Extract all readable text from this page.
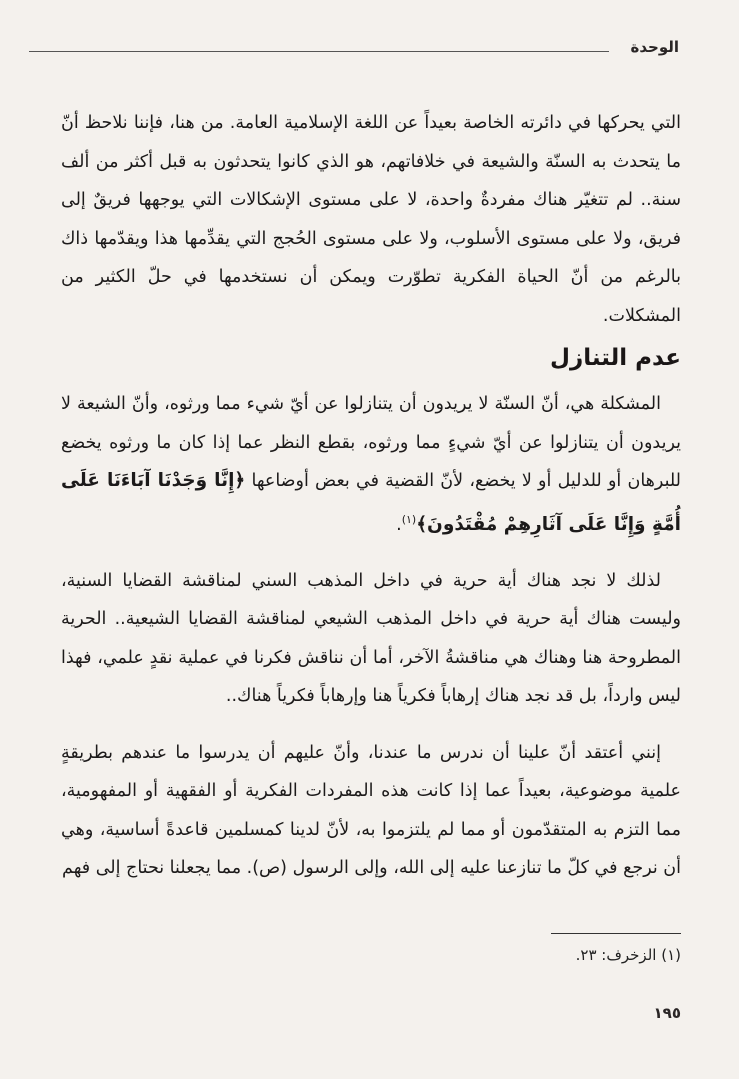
الوحدة

التي يحركها في دائرته الخاصة بعيداً عن اللغة الإسلامية العامة. من هنا، فإننا نلاحظ أنّ ما يتحدث به السنّة والشيعة في خلافاتهم، هو الذي كانوا يتحدثون به قبل أكثر من ألف سنة.. لم تتغيّر هناك مفردةٌ واحدة، لا على مستوى الإشكالات التي يوجهها فريقٌ إلى فريق، ولا على مستوى الأسلوب، ولا على مستوى الحُجج التي يقدِّمها هذا ويقدّمها ذاك بالرغم من أنّ الحياة الفكرية تطوّرت ويمكن أن نستخدمها في حلّ الكثير من المشكلات.

عدم التنازل

المشكلة هي، أنّ السنّة لا يريدون أن يتنازلوا عن أيّ شيء مما ورثوه، وأنّ الشيعة لا يريدون أن يتنازلوا عن أيّ شيءٍ مما ورثوه، بقطع النظر عما إذا كان ما ورثوه يخضع للبرهان أو للدليل أو لا يخضع، لأنّ القضية في بعض أوضاعها ﴿إِنَّا وَجَدْنَا آبَاءَنَا عَلَى أُمَّةٍ وَإِنَّا عَلَى آثَارِهِمْ مُقْتَدُونَ﴾$^{(١)}$.

لذلك لا نجد هناك أية حرية في داخل المذهب السني لمناقشة القضايا السنية، وليست هناك أية حرية في داخل المذهب الشيعي لمناقشة القضايا الشيعية.. الحرية المطروحة هنا وهناك هي مناقشةُ الآخر، أما أن نناقش فكرنا في عملية نقدٍ علمي، فهذا ليس وارداً، بل قد نجد هناك إرهاباً فكرياً هنا وإرهاباً فكرياً هناك..

إنني أعتقد أنّ علينا أن ندرس ما عندنا، وأنّ عليهم أن يدرسوا ما عندهم بطريقةٍ علمية موضوعية، بعيداً عما إذا كانت هذه المفردات الفكرية أو الفقهية أو المفهومية، مما التزم به المتقدّمون أو مما لم يلتزموا به، لأنّ لدينا كمسلمين قاعدةً أساسية، وهي أن نرجع في كلّ ما تنازعنا عليه إلى الله، وإلى الرسول (ص). مما يجعلنا نحتاج إلى فهم

(١) الزخرف: ٢٣.
١٩٥
